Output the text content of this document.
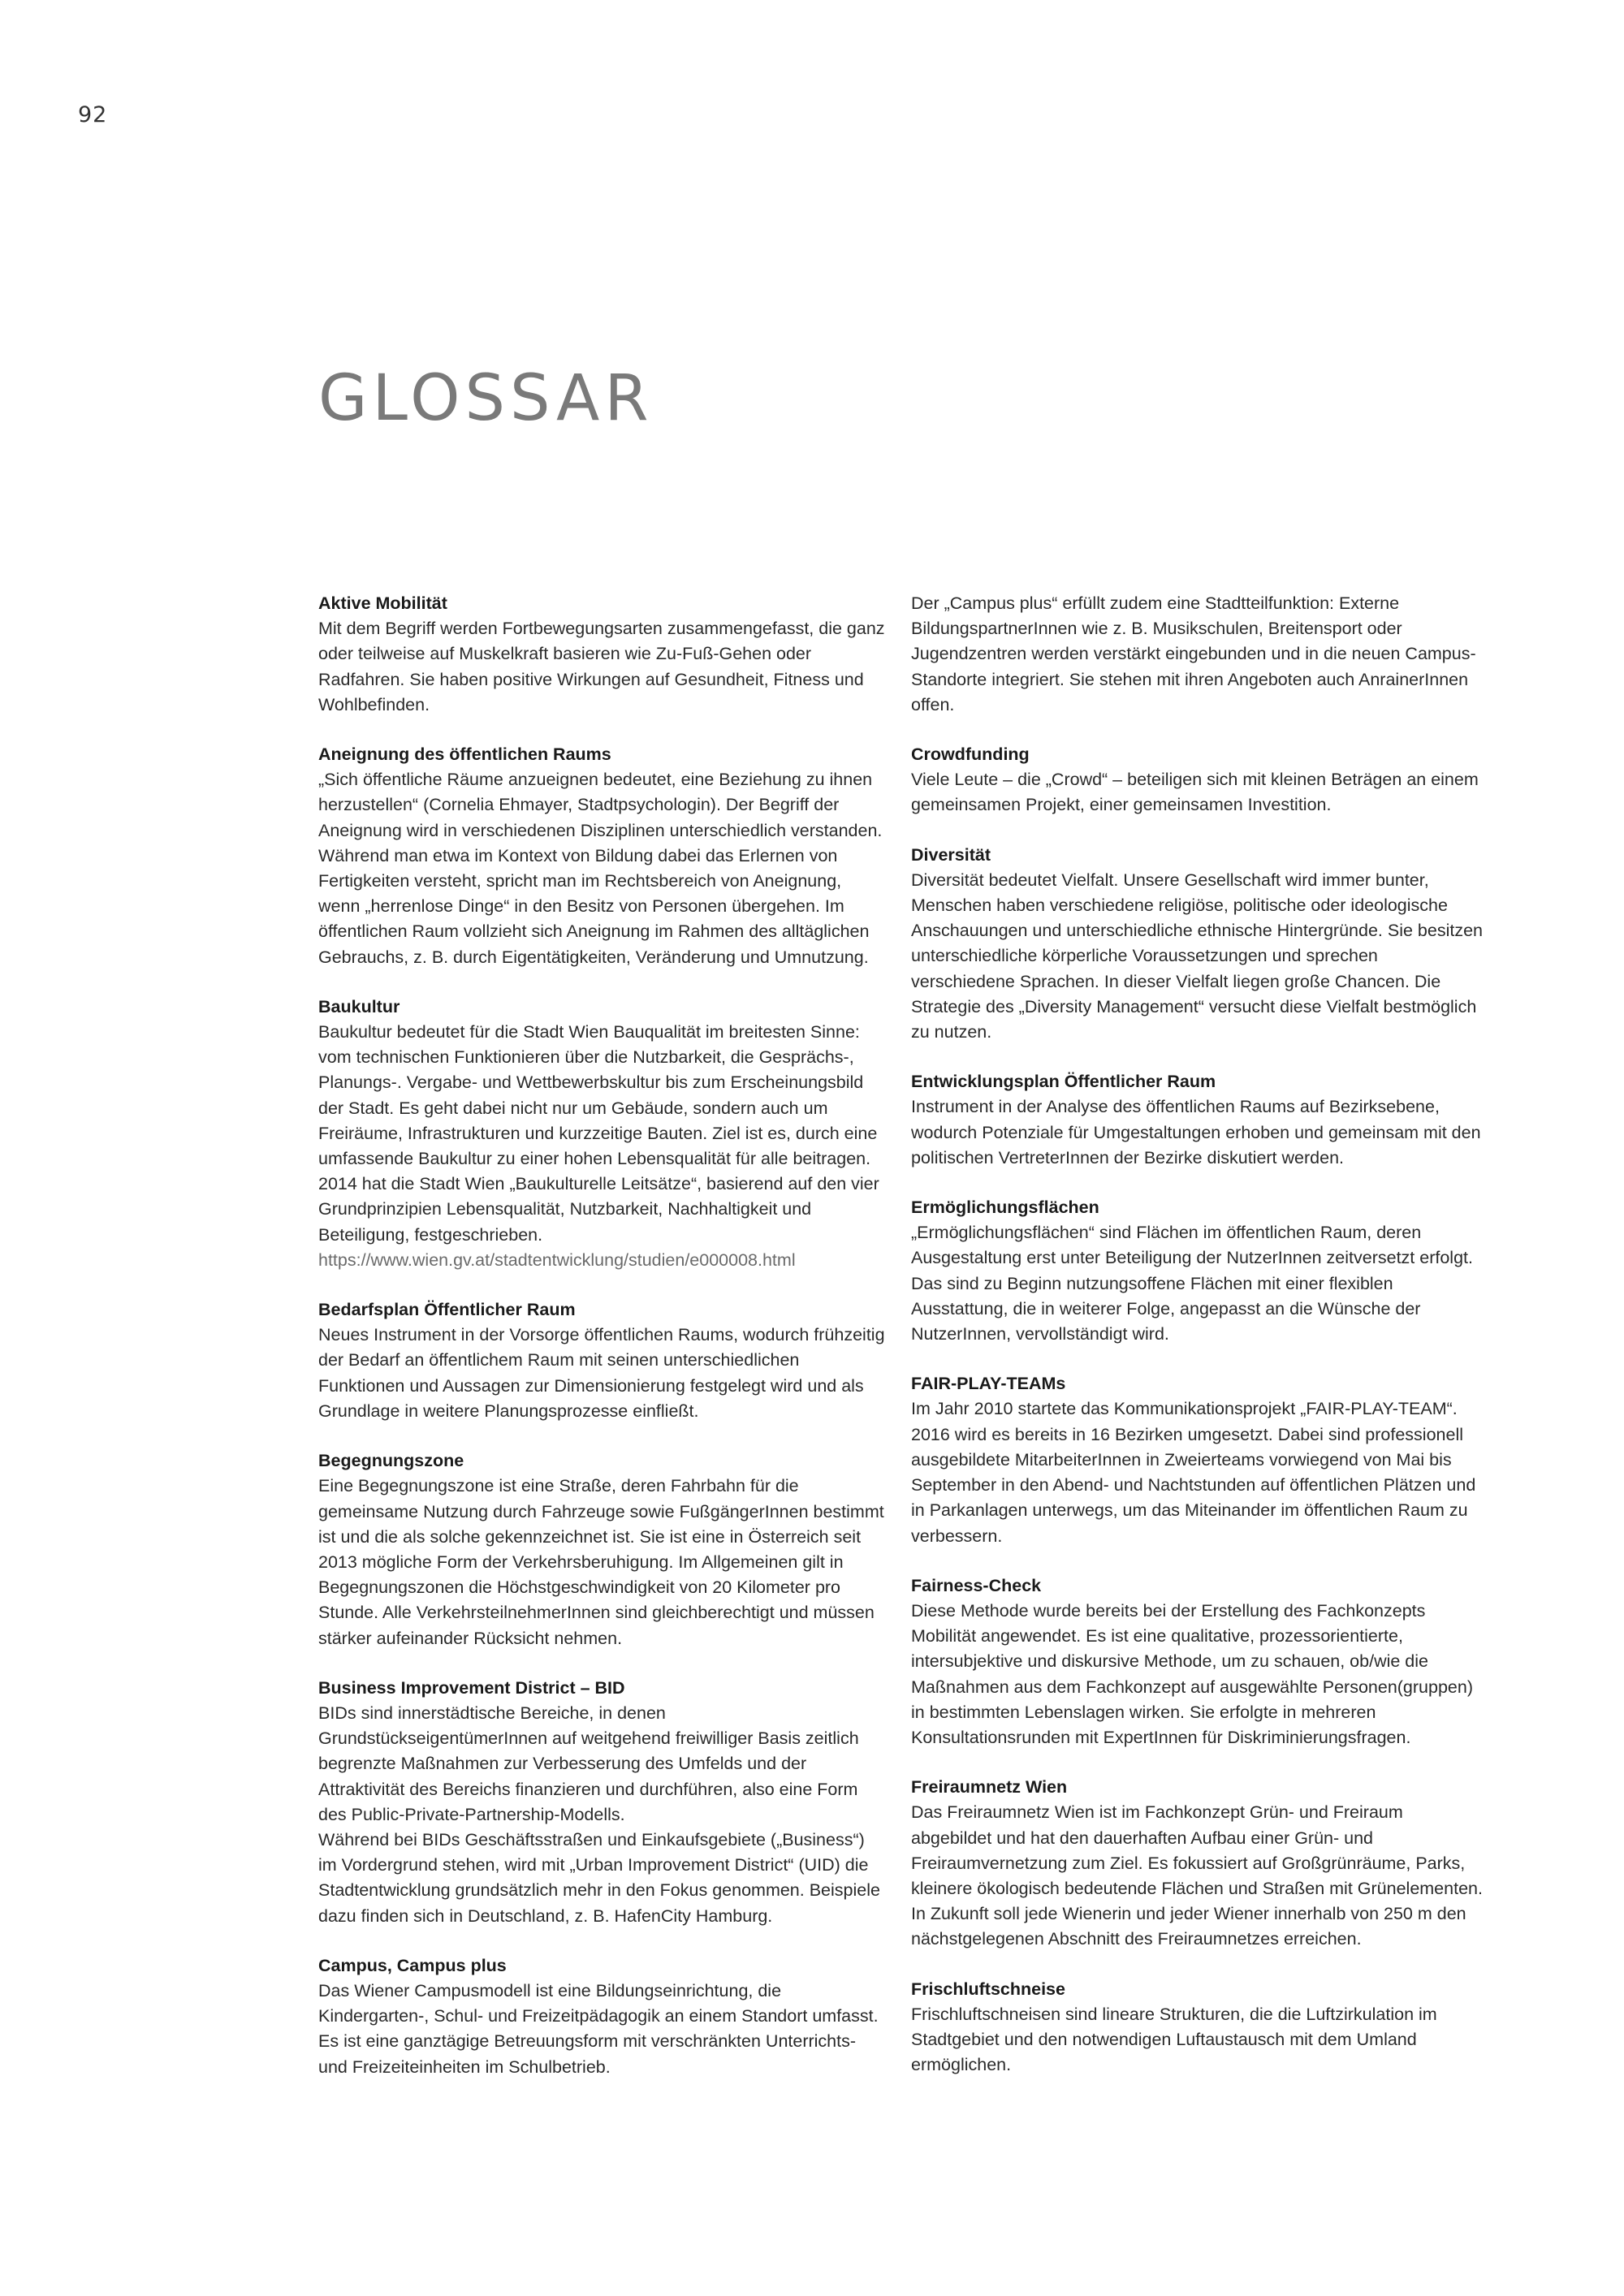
92
GLOSSAR
Aktive Mobilität
Mit dem Begriff werden Fortbewegungsarten zusammengefasst, die ganz oder teilweise auf Muskelkraft basieren wie Zu-Fuß-Gehen oder Radfahren. Sie haben positive Wirkungen auf Gesundheit, Fitness und Wohlbefinden.
Aneignung des öffentlichen Raums
„Sich öffentliche Räume anzueignen bedeutet, eine Beziehung zu ihnen herzustellen“ (Cornelia Ehmayer, Stadtpsychologin). Der Begriff der Aneignung wird in verschiedenen Disziplinen unterschiedlich verstanden. Während man etwa im Kontext von Bildung dabei das Erlernen von Fertigkeiten versteht, spricht man im Rechtsbereich von Aneignung, wenn „herrenlose Dinge“ in den Besitz von Personen übergehen. Im öffentlichen Raum vollzieht sich Aneignung im Rahmen des alltäglichen Gebrauchs, z. B. durch Eigentätigkeiten, Veränderung und Umnutzung.
Baukultur
Baukultur bedeutet für die Stadt Wien Bauqualität im breitesten Sinne: vom technischen Funktionieren über die Nutzbarkeit, die Gesprächs-, Planungs-. Vergabe- und Wettbewerbskultur bis zum Erscheinungsbild der Stadt. Es geht dabei nicht nur um Gebäude, sondern auch um Freiräume, Infrastrukturen und kurzzeitige Bauten. Ziel ist es, durch eine umfassende Baukultur zu einer hohen Lebensqualität für alle beitragen. 2014 hat die Stadt Wien „Baukulturelle Leitsätze“, basierend auf den vier Grundprinzipien Lebensqualität, Nutzbarkeit, Nachhaltigkeit und Beteiligung, festgeschrieben.
https://www.wien.gv.at/stadtentwicklung/studien/e000008.html
Bedarfsplan Öffentlicher Raum
Neues Instrument in der Vorsorge öffentlichen Raums, wodurch frühzeitig der Bedarf an öffentlichem Raum mit seinen unterschiedlichen Funktionen und Aussagen zur Dimensionierung festgelegt wird und als Grundlage in weitere Planungsprozesse einfließt.
Begegnungszone
Eine Begegnungszone ist eine Straße, deren Fahrbahn für die gemeinsame Nutzung durch Fahrzeuge sowie FußgängerInnen bestimmt ist und die als solche gekennzeichnet ist. Sie ist eine in Österreich seit 2013 mögliche Form der Verkehrsberuhigung. Im Allgemeinen gilt in Begegnungszonen die Höchstgeschwindigkeit von 20 Kilometer pro Stunde. Alle VerkehrsteilnehmerInnen sind gleichberechtigt und müssen stärker aufeinander Rücksicht nehmen.
Business Improvement District – BID
BIDs sind innerstädtische Bereiche, in denen GrundstückseigentümerInnen auf weitgehend freiwilliger Basis zeitlich begrenzte Maßnahmen zur Verbesserung des Umfelds und der Attraktivität des Bereichs finanzieren und durchführen, also eine Form des Public-Private-Partnership-Modells.
Während bei BIDs Geschäftsstraßen und Einkaufsgebiete („Business“) im Vordergrund stehen, wird mit „Urban Improvement District“ (UID) die Stadtentwicklung grundsätzlich mehr in den Fokus genommen. Beispiele dazu finden sich in Deutschland, z. B. HafenCity Hamburg.
Campus, Campus plus
Das Wiener Campusmodell ist eine Bildungseinrichtung, die Kindergarten-, Schul- und Freizeitpädagogik an einem Standort umfasst. Es ist eine ganztägige Betreuungsform mit verschränkten Unterrichts- und Freizeiteinheiten im Schulbetrieb.
Der „Campus plus“ erfüllt zudem eine Stadtteilfunktion: Externe BildungspartnerInnen wie z. B. Musikschulen, Breitensport oder Jugendzentren werden verstärkt eingebunden und in die neuen Campus-Standorte integriert. Sie stehen mit ihren Angeboten auch AnrainerInnen offen.
Crowdfunding
Viele Leute – die „Crowd“ – beteiligen sich mit kleinen Beträgen an einem gemeinsamen Projekt, einer gemeinsamen Investition.
Diversität
Diversität bedeutet Vielfalt. Unsere Gesellschaft wird immer bunter, Menschen haben verschiedene religiöse, politische oder ideologische Anschauungen und unterschiedliche ethnische Hintergründe. Sie besitzen unterschiedliche körperliche Voraussetzungen und sprechen verschiedene Sprachen. In dieser Vielfalt liegen große Chancen. Die Strategie des „Diversity Management“ versucht diese Vielfalt bestmöglich zu nutzen.
Entwicklungsplan Öffentlicher Raum
Instrument in der Analyse des öffentlichen Raums auf Bezirksebene, wodurch Potenziale für Umgestaltungen erhoben und gemeinsam mit den politischen VertreterInnen der Bezirke diskutiert werden.
Ermöglichungsflächen
„Ermöglichungsflächen“ sind Flächen im öffentlichen Raum, deren Ausgestaltung erst unter Beteiligung der NutzerInnen zeitversetzt erfolgt. Das sind zu Beginn nutzungsoffene Flächen mit einer flexiblen Ausstattung, die in weiterer Folge, angepasst an die Wünsche der NutzerInnen, vervollständigt wird.
FAIR-PLAY-TEAMs
Im Jahr 2010 startete das Kommunikationsprojekt „FAIR-PLAY-TEAM“. 2016 wird es bereits in 16 Bezirken umgesetzt. Dabei sind professionell ausgebildete MitarbeiterInnen in Zweierteams vorwiegend von Mai bis September in den Abend- und Nachtstunden auf öffentlichen Plätzen und in Parkanlagen unterwegs, um das Miteinander im öffentlichen Raum zu verbessern.
Fairness-Check
Diese Methode wurde bereits bei der Erstellung des Fachkonzepts Mobilität angewendet. Es ist eine qualitative, prozessorientierte, intersubjektive und diskursive Methode, um zu schauen, ob/wie die Maßnahmen aus dem Fachkonzept auf ausgewählte Personen(gruppen) in bestimmten Lebenslagen wirken. Sie erfolgte in mehreren Konsultationsrunden mit ExpertInnen für Diskriminierungsfragen.
Freiraumnetz Wien
Das Freiraumnetz Wien ist im Fachkonzept Grün- und Freiraum abgebildet und hat den dauerhaften Aufbau einer Grün- und Freiraumvernetzung zum Ziel. Es fokussiert auf Großgrünräume, Parks, kleinere ökologisch bedeutende Flächen und Straßen mit Grünelementen. In Zukunft soll jede Wienerin und jeder Wiener innerhalb von 250 m den nächstgelegenen Abschnitt des Freiraumnetzes erreichen.
Frischluftschneise
Frischluftschneisen sind lineare Strukturen, die die Luftzirkulation im Stadtgebiet und den notwendigen Luftaustausch mit dem Umland ermöglichen.
